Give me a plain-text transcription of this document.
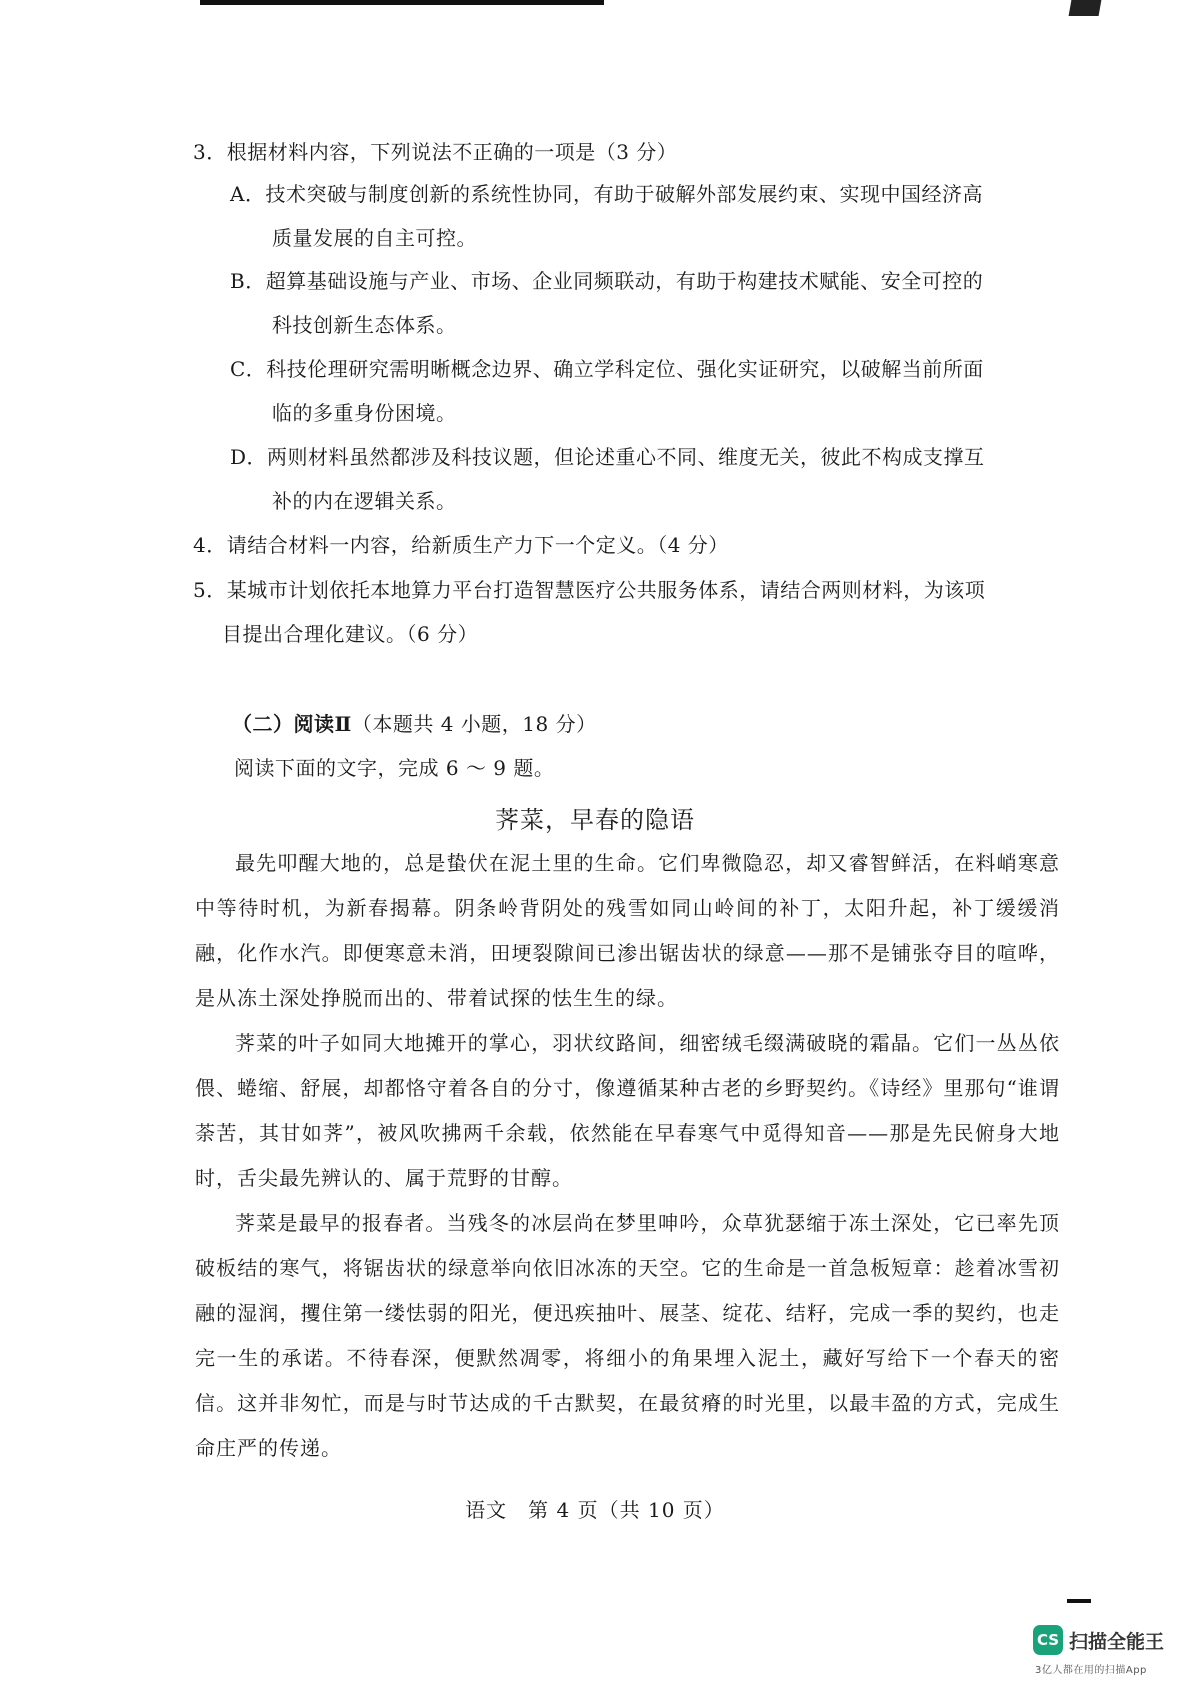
3．根据材料内容，下列说法不正确的一项是（3 分）
A．技术突破与制度创新的系统性协同，有助于破解外部发展约束、实现中国经济高
质量发展的自主可控。
B．超算基础设施与产业、市场、企业同频联动，有助于构建技术赋能、安全可控的
科技创新生态体系。
C．科技伦理研究需明晰概念边界、确立学科定位、强化实证研究，以破解当前所面
临的多重身份困境。
D．两则材料虽然都涉及科技议题，但论述重心不同、维度无关，彼此不构成支撑互
补的内在逻辑关系。
4．请结合材料一内容，给新质生产力下一个定义。（4 分）
5．某城市计划依托本地算力平台打造智慧医疗公共服务体系，请结合两则材料，为该项
目提出合理化建议。（6 分）
（二）阅读Ⅱ（本题共 4 小题，18 分）
阅读下面的文字，完成 6 ～ 9 题。
荠菜，早春的隐语

最先叩醒大地的，总是蛰伏在泥土里的生命。它们卑微隐忍，却又睿智鲜活，在料峭寒意中等待时机，为新春揭幕。阴条岭背阴处的残雪如同山岭间的补丁，太阳升起，补丁缓缓消融，化作水汽。即便寒意未消，田埂裂隙间已渗出锯齿状的绿意——那不是铺张夺目的喧哗，是从冻土深处挣脱而出的、带着试探的怯生生的绿。

荠菜的叶子如同大地摊开的掌心，羽状纹路间，细密绒毛缀满破晓的霜晶。它们一丛丛依偎、蜷缩、舒展，却都恪守着各自的分寸，像遵循某种古老的乡野契约。《诗经》里那句“谁谓荼苦，其甘如荠”，被风吹拂两千余载，依然能在早春寒气中觅得知音——那是先民俯身大地时，舌尖最先辨认的、属于荒野的甘醇。

荠菜是最早的报春者。当残冬的冰层尚在梦里呻吟，众草犹瑟缩于冻土深处，它已率先顶破板结的寒气，将锯齿状的绿意举向依旧冰冻的天空。它的生命是一首急板短章：趁着冰雪初融的湿润，攫住第一缕怯弱的阳光，便迅疾抽叶、展茎、绽花、结籽，完成一季的契约，也走完一生的承诺。不待春深，便默然凋零，将细小的角果埋入泥土，藏好写给下一个春天的密信。这并非匆忙，而是与时节达成的千古默契，在最贫瘠的时光里，以最丰盈的方式，完成生命庄严的传递。

语文　第 4 页（共 10 页）
CS 扫描全能王
3亿人都在用的扫描App
